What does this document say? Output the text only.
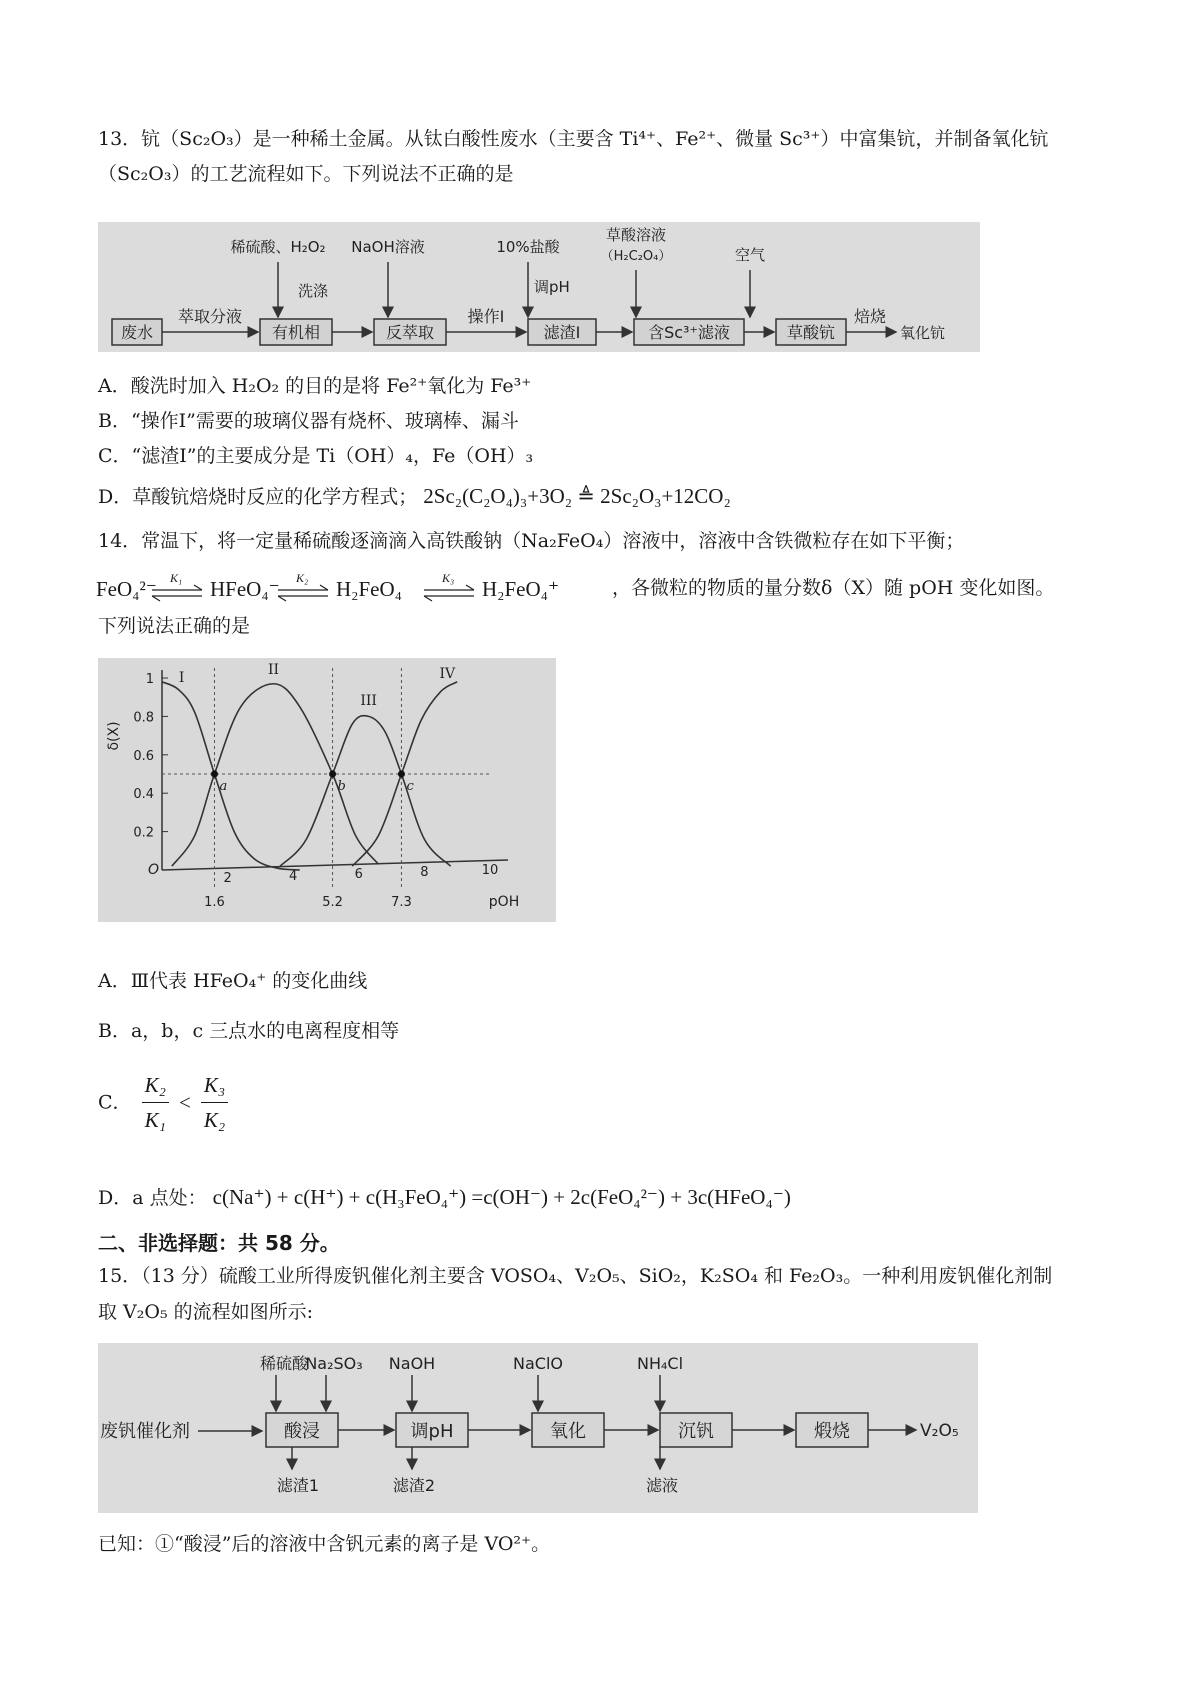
13．钪（Sc₂O₃）是一种稀土金属。从钛白酸性废水（主要含 Ti⁴⁺、Fe²⁺、微量 Sc³⁺）中富集钪，并制备氧化钪
（Sc₂O₃）的工艺流程如下。下列说法不正确的是
废水	有机相	反萃取	滤渣Ⅰ	含Sc³⁺滤液	草酸钪
萃取分液	操作Ⅰ	焙烧
氧化钪
稀硫酸、H₂O₂ NaOH溶液	10%盐酸
草酸溶液
（H₂C₂O₄）	空气
洗涤	调pH
A．酸洗时加入 H₂O₂ 的目的是将 Fe²⁺氧化为 Fe³⁺
B．“操作Ⅰ”需要的玻璃仪器有烧杯、玻璃棒、漏斗
C．“滤渣Ⅰ”的主要成分是 Ti（OH）₄，Fe（OH）₃
D．草酸钪焙烧时反应的化学方程式； 2Sc₂(C₂O₄)₃+3O₂ ≜ 2Sc₂O₃+12CO₂
14．常温下，将一定量稀硫酸逐滴滴入高铁酸钠（Na₂FeO₄）溶液中，溶液中含铁微粒存在如下平衡；
FeO₄²⁻ K₁ HFeO₄⁻ K₂ H₂FeO₄	K₃ H₂FeO₄⁺	，各微粒的物质的量分数δ（X）随 pOH 变化如图。
下列说法正确的是
0.2
0.4
0.6
0.8
1
2	4	6	8	10
1.6	5.2	7.3
O
pOH
δ(X)
I	II
III
IV
a	b	c
A．Ⅲ代表 HFeO₄⁺ 的变化曲线
B．a，b，c 三点水的电离程度相等
C． $\frac{\text{K₂}}{\text{K₁}} < \frac{\text{K₃}}{\text{K₂}}$
D．a 点处： c(Na⁺) + c(H⁺) + c(H₃FeO₄⁺) =c(OH⁻) + 2c(FeO₄²⁻) + 3c(HFeO₄⁻)
二、非选择题：共 58 分。
15．（13 分）硫酸工业所得废钒催化剂主要含 VOSO₄、V₂O₅、SiO₂，K₂SO₄ 和 Fe₂O₃。一种利用废钒催化剂制
取 V₂O₅ 的流程如图所示:
废钒催化剂	酸浸	调pH	氧化	沉钒	煅烧	V₂O₅
稀硫酸
Na₂SO₃ NaOH	NaClO	NH₄Cl
滤渣1	滤渣2	滤液
已知：①“酸浸”后的溶液中含钒元素的离子是 VO²⁺。
